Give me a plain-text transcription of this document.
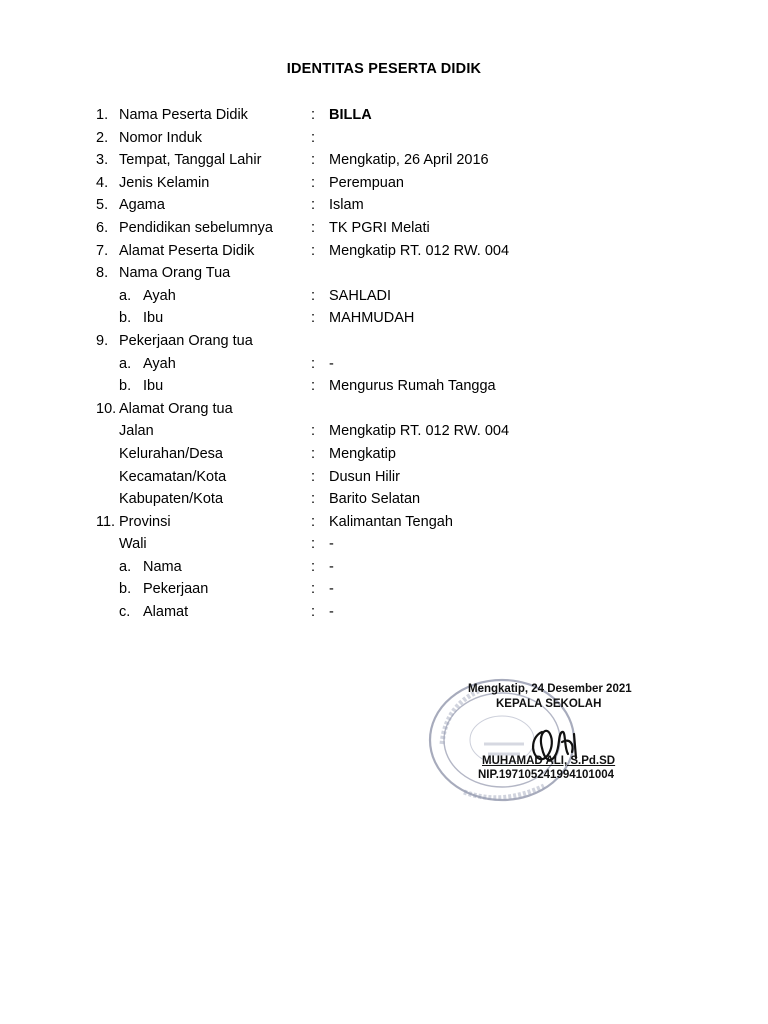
IDENTITAS PESERTA DIDIK
1. Nama Peserta Didik	: BILLA
2. Nomor Induk	:
3. Tempat, Tanggal Lahir	: Mengkatip, 26 April 2016
4. Jenis Kelamin	: Perempuan
5. Agama	: Islam
6. Pendidikan sebelumnya	: TK PGRI Melati
7. Alamat Peserta Didik	: Mengkatip RT. 012 RW. 004
8. Nama Orang Tua
a. Ayah	: SAHLADI
b. Ibu	: MAHMUDAH
9. Pekerjaan Orang tua
a. Ayah	: -
b. Ibu	: Mengurus Rumah Tangga
10. Alamat Orang tua
Jalan	: Mengkatip RT. 012 RW. 004
Kelurahan/Desa	: Mengkatip
Kecamatan/Kota	: Dusun Hilir
Kabupaten/Kota	: Barito Selatan
11. Provinsi	: Kalimantan Tengah
Wali	: -
a. Nama	: -
b. Pekerjaan	: -
c. Alamat	: -
Mengkatip, 24 Desember 2021
KEPALA SEKOLAH
MUHAMAD ALI, S.Pd.SD
NIP.197105241994101004
